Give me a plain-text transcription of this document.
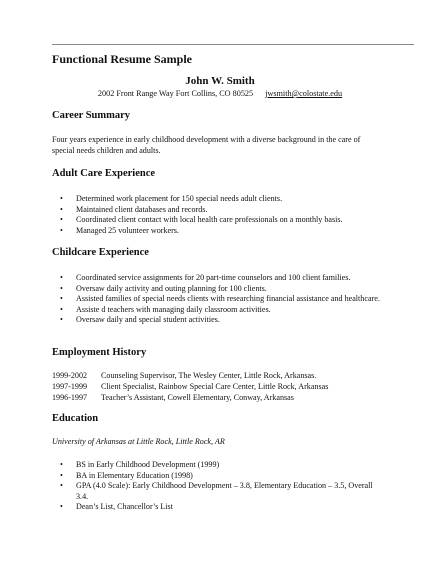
Functional Resume Sample
John W. Smith
2002 Front Range Way Fort Collins, CO 80525 jwsmith@colostate.edu
Career Summary

Four years experience in early childhood development with a diverse background in the care of special needs children and adults.

Adult Care Experience
• Determined work placement for 150 special needs adult clients.
• Maintained client databases and records.
• Coordinated client contact with local health care professionals on a monthly basis.
• Managed 25 volunteer workers.
Childcare Experience
• Coordinated service assignments for 20 part-time counselors and 100 client families.
• Oversaw daily activity and outing planning for 100 clients.
• Assisted families of special needs clients with researching financial assistance and healthcare.
• Assiste d teachers with managing daily classroom activities.
• Oversaw daily and special student activities.
Employment History
1999-2002 Counseling Supervisor, The Wesley Center, Little Rock, Arkansas.
1997-1999 Client Specialist, Rainbow Special Care Center, Little Rock, Arkansas
1996-1997 Teacher’s Assistant, Cowell Elementary, Conway, Arkansas
Education
University of Arkansas at Little Rock, Little Rock, AR
• BS in Early Childhood Development (1999)
• BA in Elementary Education (1998)
• GPA (4.0 Scale): Early Childhood Development – 3.8, Elementary Education – 3.5, Overall 3.4.
• Dean’s List, Chancellor’s List
